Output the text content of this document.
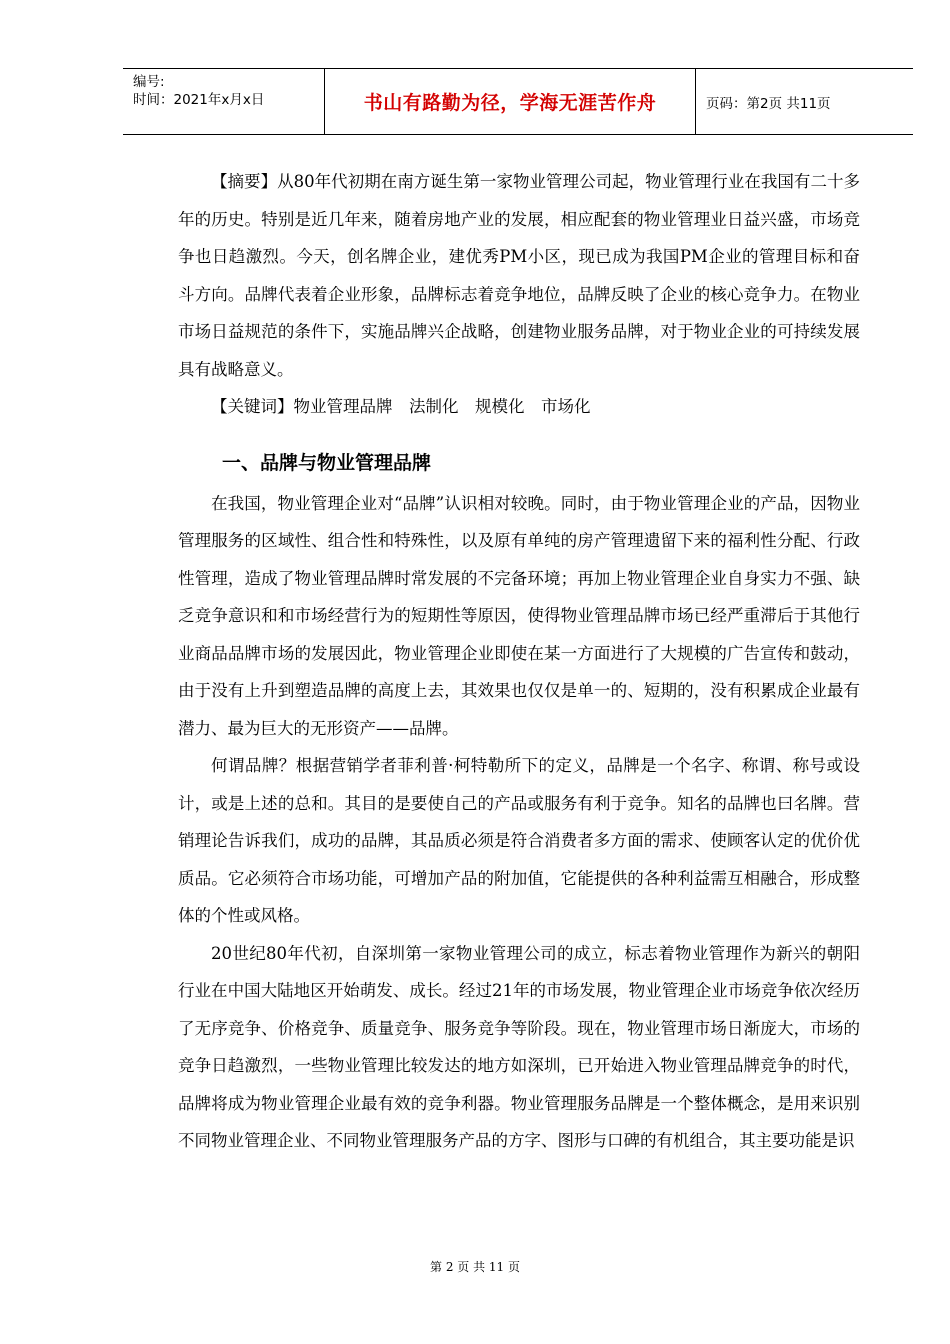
编号:
时间：2021年x月x日	书山有路勤为径，学海无涯苦作舟	页码：第2页 共11页

【摘要】从80年代初期在南方诞生第一家物业管理公司起，物业管理行业在我国有二十多年的历史。特别是近几年来，随着房地产业的发展，相应配套的物业管理业日益兴盛，市场竞争也日趋激烈。今天，创名牌企业，建优秀PM小区，现已成为我国PM企业的管理目标和奋斗方向。品牌代表着企业形象，品牌标志着竞争地位，品牌反映了企业的核心竞争力。在物业市场日益规范的条件下，实施品牌兴企战略，创建物业服务品牌，对于物业企业的可持续发展具有战略意义。

【关键词】物业管理品牌　法制化　规模化　市场化

一、品牌与物业管理品牌

在我国，物业管理企业对“品牌”认识相对较晚。同时，由于物业管理企业的产品，因物业管理服务的区域性、组合性和特殊性，以及原有单纯的房产管理遗留下来的福利性分配、行政性管理，造成了物业管理品牌时常发展的不完备环境；再加上物业管理企业自身实力不强、缺乏竞争意识和和市场经营行为的短期性等原因，使得物业管理品牌市场已经严重滞后于其他行业商品品牌市场的发展因此，物业管理企业即使在某一方面进行了大规模的广告宣传和鼓动，由于没有上升到塑造品牌的高度上去，其效果也仅仅是单一的、短期的，没有积累成企业最有潜力、最为巨大的无形资产——品牌。

何谓品牌？根据营销学者菲利普·柯特勒所下的定义，品牌是一个名字、称谓、称号或设计，或是上述的总和。其目的是要使自己的产品或服务有利于竞争。知名的品牌也曰名牌。营销理论告诉我们，成功的品牌，其品质必须是符合消费者多方面的需求、使顾客认定的优价优质品。它必须符合市场功能，可增加产品的附加值，它能提供的各种利益需互相融合，形成整体的个性或风格。

20世纪80年代初，自深圳第一家物业管理公司的成立，标志着物业管理作为新兴的朝阳行业在中国大陆地区开始萌发、成长。经过21年的市场发展，物业管理企业市场竞争依次经历了无序竞争、价格竞争、质量竞争、服务竞争等阶段。现在，物业管理市场日渐庞大，市场的竞争日趋激烈，一些物业管理比较发达的地方如深圳，已开始进入物业管理品牌竞争的时代，品牌将成为物业管理企业最有效的竞争利器。物业管理服务品牌是一个整体概念，是用来识别不同物业管理企业、不同物业管理服务产品的方字、图形与口碑的有机组合，其主要功能是识

第 2 页 共 11 页
